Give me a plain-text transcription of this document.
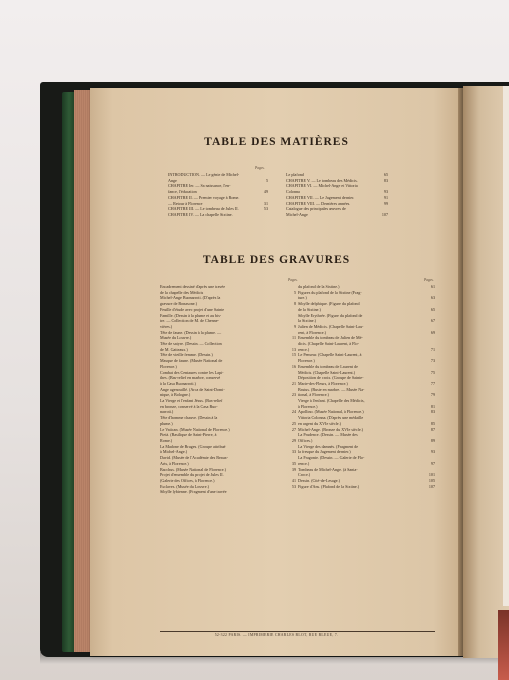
TABLE DES MATIÈRES
Pages.
INTRODUCTION. — Le génie de Michel-
Ange	5
CHAPITRE Ier. — Sa naissance, l'en-
fance, l'éducation	49
CHAPITRE II. — Premier voyage à Rome.
— Retour à Florence	31
CHAPITRE III. — Le tombeau de Jules II.	53
CHAPITRE IV. — La chapelle Sixtine.
Le plafond	65
CHAPITRE V. — Le tombeau des Médicis.	83
CHAPITRE VI. — Michel-Ange et Vittoria
Colonna	93
CHAPITRE VII. — Le Jugement dernier.	91
CHAPITRE VIII. — Dernières années.	99
Catalogue des principales œuvres de
Michel-Ange	107
TABLE DES GRAVURES
Pages.	Pages.
Encadrement dessiné d'après une travée
de la chapelle des Médicis	5
Michel-Ange Buonarroti. (D'après la
gravure de Bonasone.)	8
Feuille d'étude avec projet d'une Sainte
Famille. (Dessin à la plume et au bis-
tre. — Collection de M. de Chenne-
vières.)	9
Tête de faune. (Dessin à la plume. —
Musée du Louvre.)	11
Tête de satyre. (Dessin. — Collection
de M. Gatteaux.)	13
Tête de vieille femme. (Dessin.)	15
Masque de faune. (Musée National de
Florence.)	16
Combat des Centaures contre les Lapi-
thes. (Bas-relief en marbre, conservé
à la Casa Buonarroti.)	21
Ange agenouillé. (Arca de Saint-Domi-
nique, à Bologne.)	23
La Vierge et l'enfant Jésus. (Bas-relief
en bronze, conservé à la Casa Buo-
narroti.)	24
Tête d'homme chauve. (Dessin à la
plume.)	25
Le Vatican. (Musée National de Florence.)	27
Pietà. (Basilique de Saint-Pierre, à
Rome.)	29
La Madone de Bruges. (Groupe attribué
à Michel-Ange.)	33
David. (Musée de l'Académie des Beaux-
Arts, à Florence.)	35
Bacchus. (Musée National de Florence.)	39
Projet d'ensemble du projet de Jules II.
(Galerie des Offices, à Florence.)	41
Esclaves. (Musée du Louvre.)	53
Sibylle lybienne. (Fragment d'une travée
du plafond de la Sixtine.)	61
Figures du plafond de la Sixtine (Frag-
ture.)	63
Sibylle delphique. (Figure du plafond
de la Sixtine.)	65
Sibylle Erythrée. (Figure du plafond de
la Sixtine.)	67
Julien de Médicis. (Chapelle Saint-Lau-
rent, à Florence.)	69
Ensemble du tombeau de Julien de Mé-
dicis. (Chapelle Saint-Laurent, à Flo-
rence.)	71
Le Penseur. (Chapelle Saint-Laurent, à
Florence.)	73
Ensemble du tombeau de Laurent de
Médicis. (Chapelle Saint-Laurent.)	75
Déposition de croix. (Groupe de Sainte-
Marie-des-Fleurs, à Florence.)	77
Brutus. (Buste en marbre. — Musée Na-
tional, à Florence.)	79
Vierge à l'enfant. (Chapelle des Médicis,
à Florence.)	81
Apollino. (Musée National, à Florence.)	83
Vittoria Colonna. (D'après une médaille
en argent du XVIe siècle.)	85
Michel-Ange. (Bronze du XVIe siècle.)	87
La Prudence. (Dessin. — Musée des
Offices.)	89
La Vierge des damnés. (Fragment de
la fresque du Jugement dernier.)	93
La Fragonie. (Dessin. — Galerie de Flo-
rence.)	97
Tombeau de Michel-Ange. (à Santa-
Croce.)	101
Dessin. (Cité-de-Lesage.)	105
Figure d'Ans. (Plafond de la Sixtine.)	107
52-322 PARIS. — IMPRIMERIE CHARLES BLOT, RUE BLEUE, 7.
